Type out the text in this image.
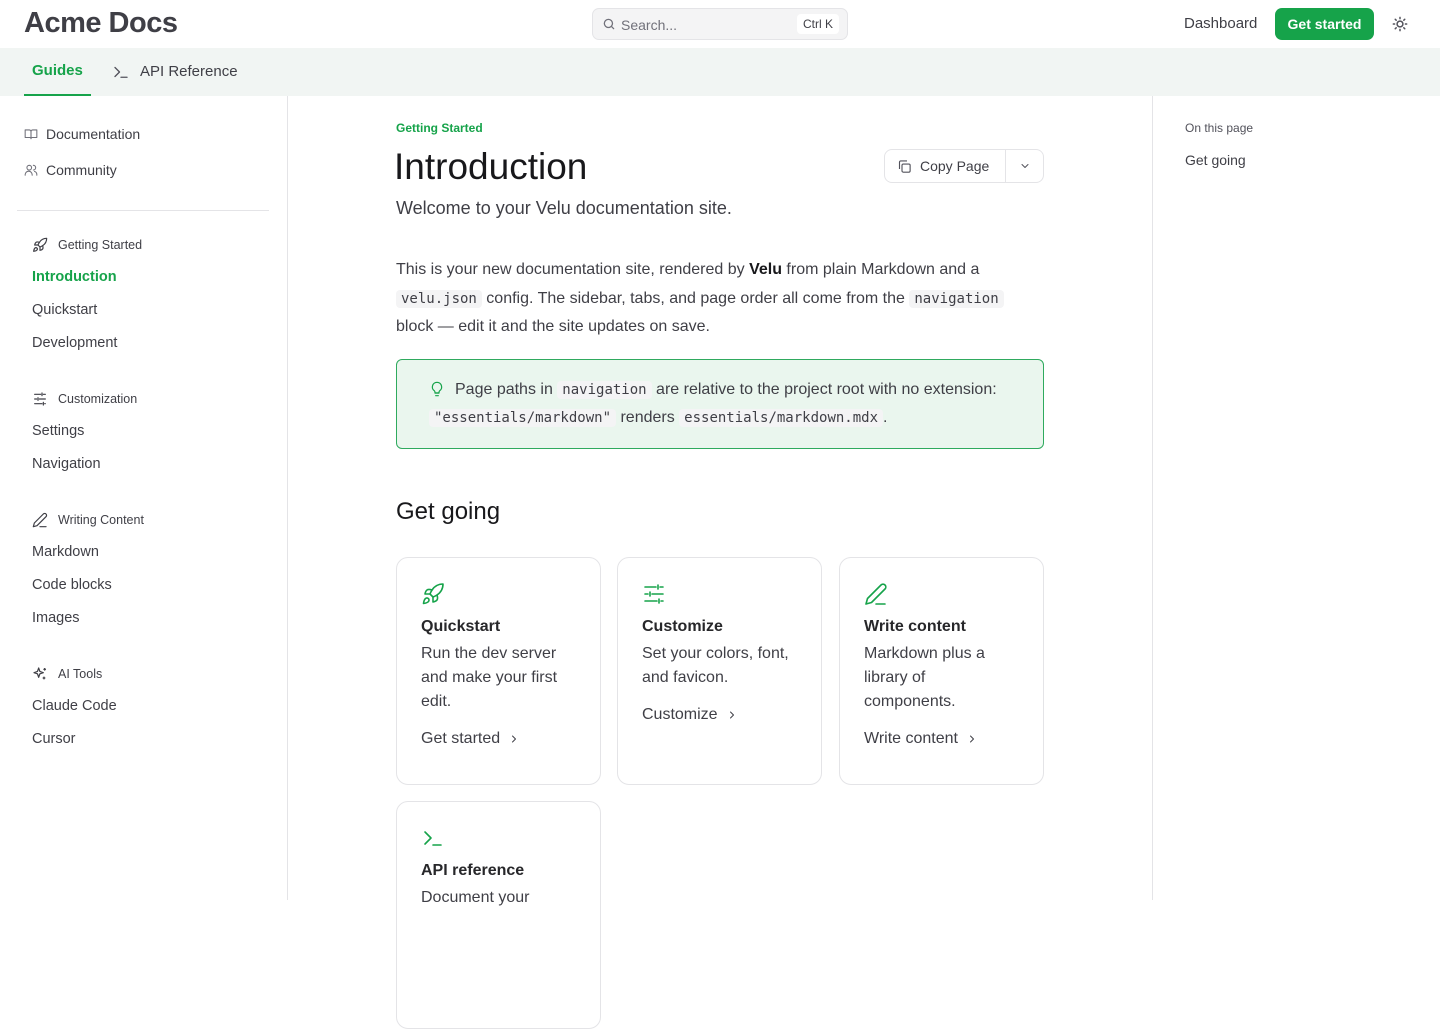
Acme Docs
Search...	Ctrl K	Dashboard	Get started
Guides	API Reference
Documentation
Community
Getting Started
Introduction
Quickstart
Development
Customization
Settings
Navigation
Writing Content
Markdown
Code blocks
Images
AI Tools
Claude Code
Cursor
Getting Started
Introduction	Copy Page

Welcome to your Velu documentation site.

This is your new documentation site, rendered by Velu from plain Markdown and a velu.json config. The sidebar, tabs, and page order all come from the navigation block — edit it and the site updates on save.

Page paths in navigation are relative to the project root with no extension: "essentials/markdown" renders essentials/markdown.mdx .
Get going
Quickstart
Run the dev server and make your first edit.
Get started
Customize
Set your colors, font, and favicon.
Customize
Write content
Markdown plus a library of components.
Write content
API reference
Document your
On this page
Get going
